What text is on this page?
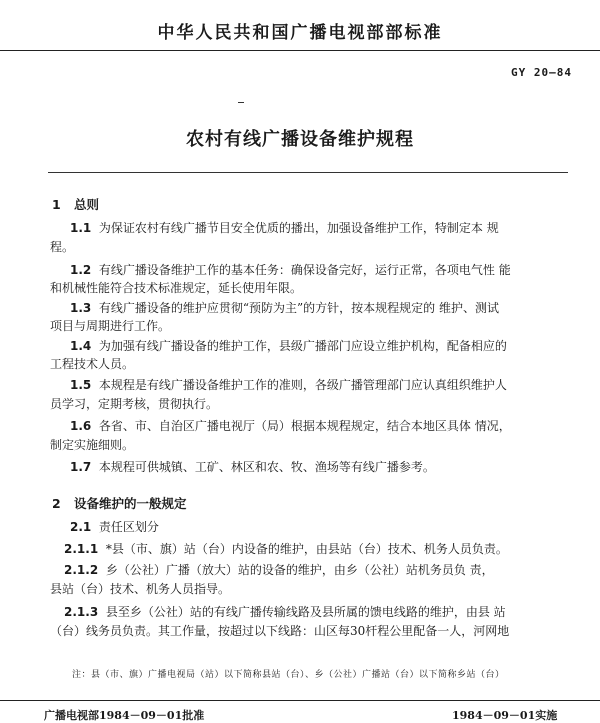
中华人民共和国广播电视部部标准
GY 20—84
农村有线广播设备维护规程
1 总则
1.1 为保证农村有线广播节目安全优质的播出，加强设备维护工作，特制定本 规
程。
1.2 有线广播设备维护工作的基本任务：确保设备完好，运行正常，各项电气性 能
和机械性能符合技术标准规定，延长使用年限。
1.3 有线广播设备的维护应贯彻“预防为主”的方针，按本规程规定的 维护、测试
项目与周期进行工作。
1.4 为加强有线广播设备的维护工作，县级广播部门应设立维护机构，配备相应的
工程技术人员。
1.5 本规程是有线广播设备维护工作的准则，各级广播管理部门应认真组织维护人
员学习，定期考核，贯彻执行。
1.6 各省、市、自治区广播电视厅（局）根据本规程规定，结合本地区具体 情况，
制定实施细则。
1.7 本规程可供城镇、工矿、林区和农、牧、渔场等有线广播参考。
2 设备维护的一般规定
2.1 责任区划分
2.1.1 *县（市、旗）站（台）内设备的维护，由县站（台）技术、机务人员负责。
2.1.2 乡（公社）广播（放大）站的设备的维护，由乡（公社）站机务员负 责，
县站（台）技术、机务人员指导。
2.1.3 县至乡（公社）站的有线广播传输线路及县所属的馈电线路的维护，由县 站
（台）线务员负责。其工作量，按超过以下线路：山区每30杆程公里配备一人，河网地
注：县（市、旗）广播电视局（站）以下简称县站（台）、乡（公社）广播站（台）以下简称乡站（台）
广播电视部1984－09－01批准	1984－09－01实施
